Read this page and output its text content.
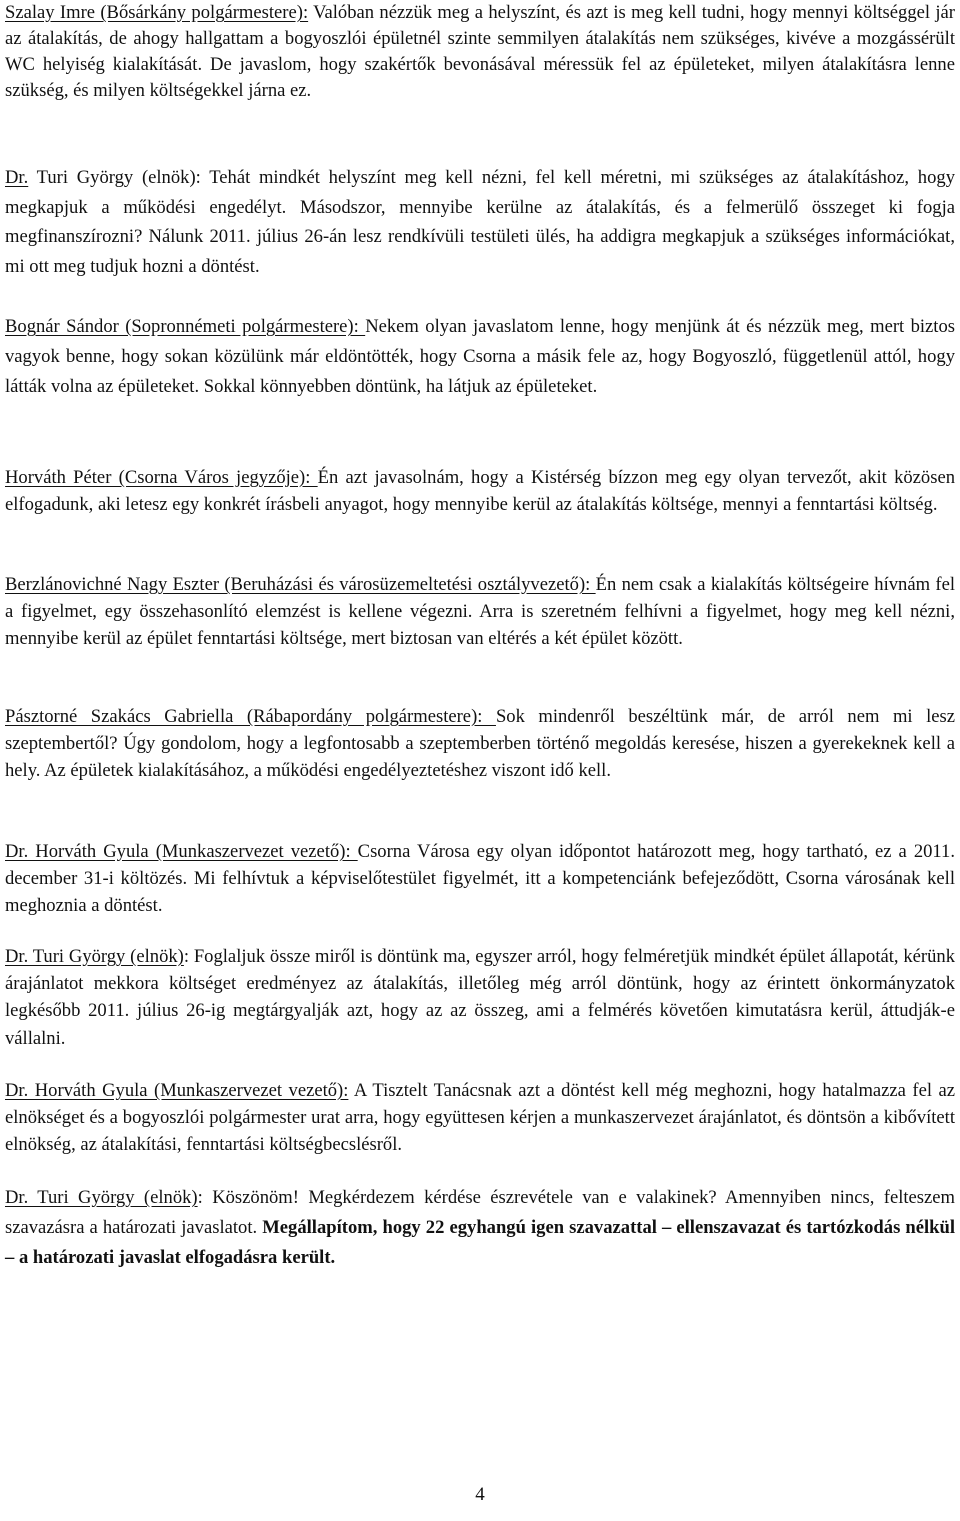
Szalay Imre (Bősárkány polgármestere): Valóban nézzük meg a helyszínt, és azt is meg kell tudni, hogy mennyi költséggel jár az átalakítás, de ahogy hallgattam a bogyoszlói épületnél szinte semmilyen átalakítás nem szükséges, kivéve a mozgássérült WC helyiség kialakítását. De javaslom, hogy szakértők bevonásával méressük fel az épületeket, milyen átalakításra lenne szükség, és milyen költségekkel járna ez.

Dr. Turi György (elnök): Tehát mindkét helyszínt meg kell nézni, fel kell méretni, mi szükséges az átalakításhoz, hogy megkapjuk a működési engedélyt. Másodszor, mennyibe kerülne az átalakítás, és a felmerülő összeget ki fogja megfinanszírozni? Nálunk 2011. július 26-án lesz rendkívüli testületi ülés, ha addigra megkapjuk a szükséges információkat, mi ott meg tudjuk hozni a döntést.

Bognár Sándor (Sopronnémeti polgármestere): Nekem olyan javaslatom lenne, hogy menjünk át és nézzük meg, mert biztos vagyok benne, hogy sokan közülünk már eldöntötték, hogy Csorna a másik fele az, hogy Bogyoszló, függetlenül attól, hogy látták volna az épületeket. Sokkal könnyebben döntünk, ha látjuk az épületeket.

Horváth Péter (Csorna Város jegyzője): Én azt javasolnám, hogy a Kistérség bízzon meg egy olyan tervezőt, akit közösen elfogadunk, aki letesz egy konkrét írásbeli anyagot, hogy mennyibe kerül az átalakítás költsége, mennyi a fenntartási költség.

Berzlánovichné Nagy Eszter (Beruházási és városüzemeltetési osztályvezető): Én nem csak a kialakítás költségeire hívnám fel a figyelmet, egy összehasonlító elemzést is kellene végezni. Arra is szeretném felhívni a figyelmet, hogy meg kell nézni, mennyibe kerül az épület fenntartási költsége, mert biztosan van eltérés a két épület között.

Pásztorné Szakács Gabriella (Rábapordány polgármestere): Sok mindenről beszéltünk már, de arról nem mi lesz szeptembertől? Úgy gondolom, hogy a legfontosabb a szeptemberben történő megoldás keresése, hiszen a gyerekeknek kell a hely. Az épületek kialakításához, a működési engedélyeztetéshez viszont idő kell.

Dr. Horváth Gyula (Munkaszervezet vezető): Csorna Városa egy olyan időpontot határozott meg, hogy tartható, ez a 2011. december 31-i költözés. Mi felhívtuk a képviselőtestület figyelmét, itt a kompetenciánk befejeződött, Csorna városának kell meghoznia a döntést.

Dr. Turi György (elnök): Foglaljuk össze miről is döntünk ma, egyszer arról, hogy felméretjük mindkét épület állapotát, kérünk árajánlatot mekkora költséget eredményez az átalakítás, illetőleg még arról döntünk, hogy az érintett önkormányzatok legkésőbb 2011. július 26-ig megtárgyalják azt, hogy az az összeg, ami a felmérés követően kimutatásra kerül, áttudják-e vállalni.

Dr. Horváth Gyula (Munkaszervezet vezető): A Tisztelt Tanácsnak azt a döntést kell még meghozni, hogy hatalmazza fel az elnökséget és a bogyoszlói polgármester urat arra, hogy együttesen kérjen a munkaszervezet árajánlatot, és döntsön a kibővített elnökség, az átalakítási, fenntartási költségbecslésről.

Dr. Turi György (elnök): Köszönöm! Megkérdezem kérdése észrevétele van e valakinek? Amennyiben nincs, felteszem szavazásra a határozati javaslatot. Megállapítom, hogy 22 egyhangú igen szavazattal – ellenszavazat és tartózkodás nélkül – a határozati javaslat elfogadásra került.

4
